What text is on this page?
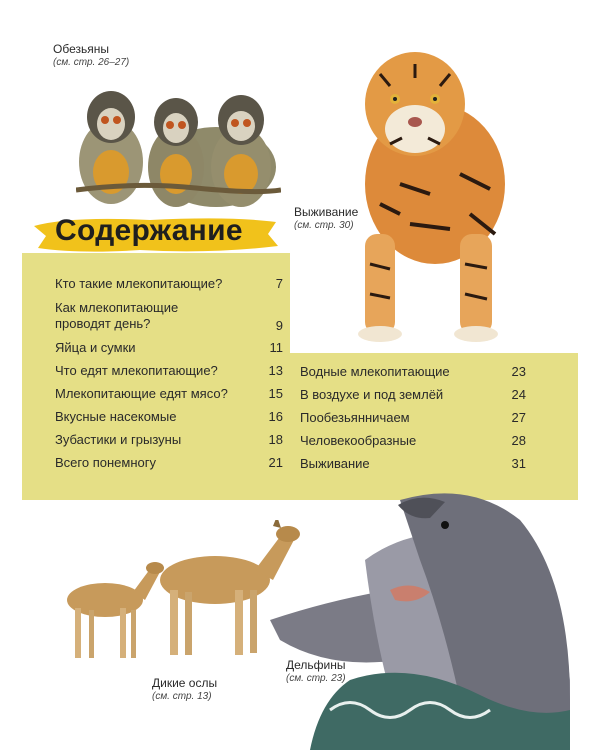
Обезьяны
(см. стр. 26–27)
Выживание
(см. стр. 30)
Дикие ослы
(см. стр. 13)
Дельфины
(см. стр. 23)
Содержание
Кто такие млекопитающие?	7
Как млекопитающие проводят день?	9
Яйца и сумки	11
Что едят млекопитающие?	13
Млекопитающие едят мясо?	15
Вкусные насекомые	16
Зубастики и грызуны	18
Всего понемногу	21
Водные млекопитающие	23
В воздухе и под землёй	24
Пообезьянничаем	27
Человекообразные	28
Выживание	31
